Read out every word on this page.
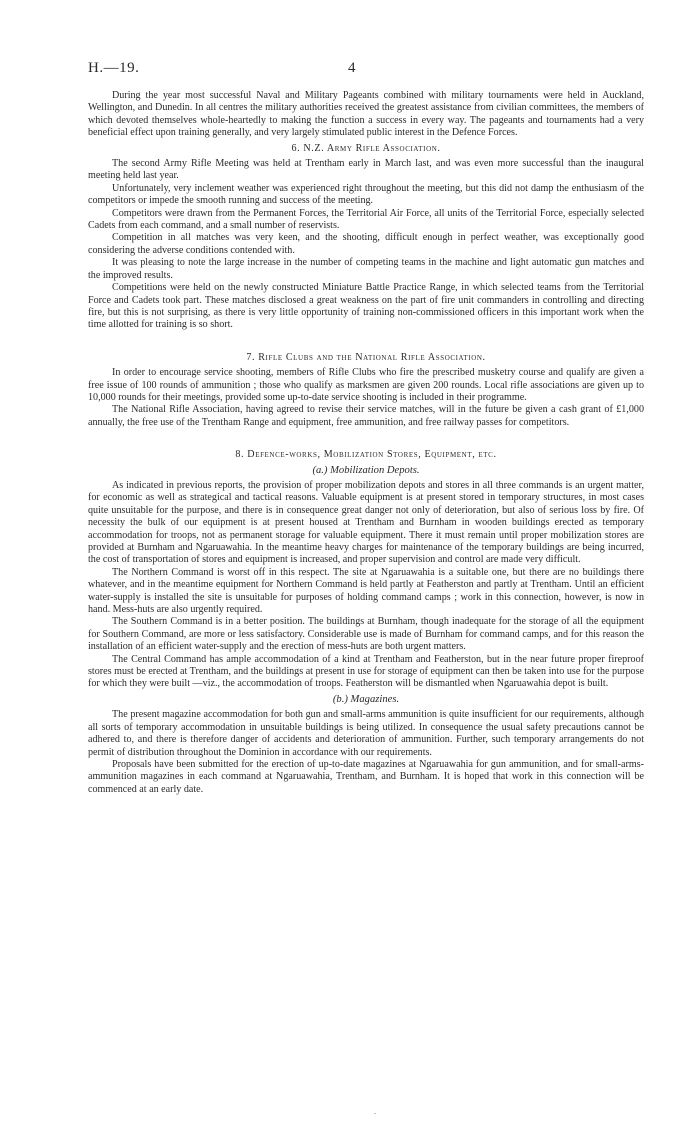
H.—19.	4

During the year most successful Naval and Military Pageants combined with military tournaments were held in Auckland, Wellington, and Dunedin. In all centres the military authorities received the greatest assistance from civilian committees, the members of which devoted themselves whole-heartedly to making the function a success in every way. The pageants and tournaments had a very beneficial effect upon training generally, and very largely stimulated public interest in the Defence Forces.

6. N.Z. Army Rifle Association.

The second Army Rifle Meeting was held at Trentham early in March last, and was even more successful than the inaugural meeting held last year.

Unfortunately, very inclement weather was experienced right throughout the meeting, but this did not damp the enthusiasm of the competitors or impede the smooth running and success of the meeting.

Competitors were drawn from the Permanent Forces, the Territorial Air Force, all units of the Territorial Force, especially selected Cadets from each command, and a small number of reservists.

Competition in all matches was very keen, and the shooting, difficult enough in perfect weather, was exceptionally good considering the adverse conditions contended with.

It was pleasing to note the large increase in the number of competing teams in the machine and light automatic gun matches and the improved results.

Competitions were held on the newly constructed Miniature Battle Practice Range, in which selected teams from the Territorial Force and Cadets took part. These matches disclosed a great weakness on the part of fire unit commanders in controlling and directing fire, but this is not surprising, as there is very little opportunity of training non-commissioned officers in this important work when the time allotted for training is so short.

7. Rifle Clubs and the National Rifle Association.

In order to encourage service shooting, members of Rifle Clubs who fire the prescribed musketry course and qualify are given a free issue of 100 rounds of ammunition ; those who qualify as marksmen are given 200 rounds. Local rifle associations are given up to 10,000 rounds for their meetings, provided some up-to-date service shooting is included in their programme.

The National Rifle Association, having agreed to revise their service matches, will in the future be given a cash grant of £1,000 annually, the free use of the Trentham Range and equipment, free ammunition, and free railway passes for competitors.

8. Defence-works, Mobilization Stores, Equipment, etc.
(a.) Mobilization Depots.

As indicated in previous reports, the provision of proper mobilization depots and stores in all three commands is an urgent matter, for economic as well as strategical and tactical reasons. Valuable equipment is at present stored in temporary structures, in most cases quite unsuitable for the purpose, and there is in consequence great danger not only of deterioration, but also of serious loss by fire. Of necessity the bulk of our equipment is at present housed at Trentham and Burnham in wooden buildings erected as temporary accommodation for troops, not as permanent storage for valuable equipment. There it must remain until proper mobilization stores are provided at Burnham and Ngaruawahia. In the meantime heavy charges for maintenance of the temporary buildings are being incurred, the cost of transportation of stores and equipment is increased, and proper supervision and control are made very difficult.

The Northern Command is worst off in this respect. The site at Ngaruawahia is a suitable one, but there are no buildings there whatever, and in the meantime equipment for Northern Command is held partly at Featherston and partly at Trentham. Until an efficient water-supply is installed the site is unsuitable for purposes of holding command camps ; work in this connection, however, is now in hand. Mess-huts are also urgently required.

The Southern Command is in a better position. The buildings at Burnham, though inadequate for the storage of all the equipment for Southern Command, are more or less satisfactory. Considerable use is made of Burnham for command camps, and for this reason the installation of an efficient water-supply and the erection of mess-huts are both urgent matters.

The Central Command has ample accommodation of a kind at Trentham and Featherston, but in the near future proper fireproof stores must be erected at Trentham, and the buildings at present in use for storage of equipment can then be taken into use for the purpose for which they were built —viz., the accommodation of troops. Featherston will be dismantled when Ngaruawahia depot is built.

(b.) Magazines.

The present magazine accommodation for both gun and small-arms ammunition is quite insufficient for our requirements, although all sorts of temporary accommodation in unsuitable buildings is being utilized. In consequence the usual safety precautions cannot be adhered to, and there is therefore danger of accidents and deterioration of ammunition. Further, such temporary arrangements do not permit of distribution throughout the Dominion in accordance with our requirements.

Proposals have been submitted for the erection of up-to-date magazines at Ngaruawahia for gun ammunition, and for small-arms-ammunition magazines in each command at Ngaruawahia, Trentham, and Burnham. It is hoped that work in this connection will be commenced at an early date.

.
